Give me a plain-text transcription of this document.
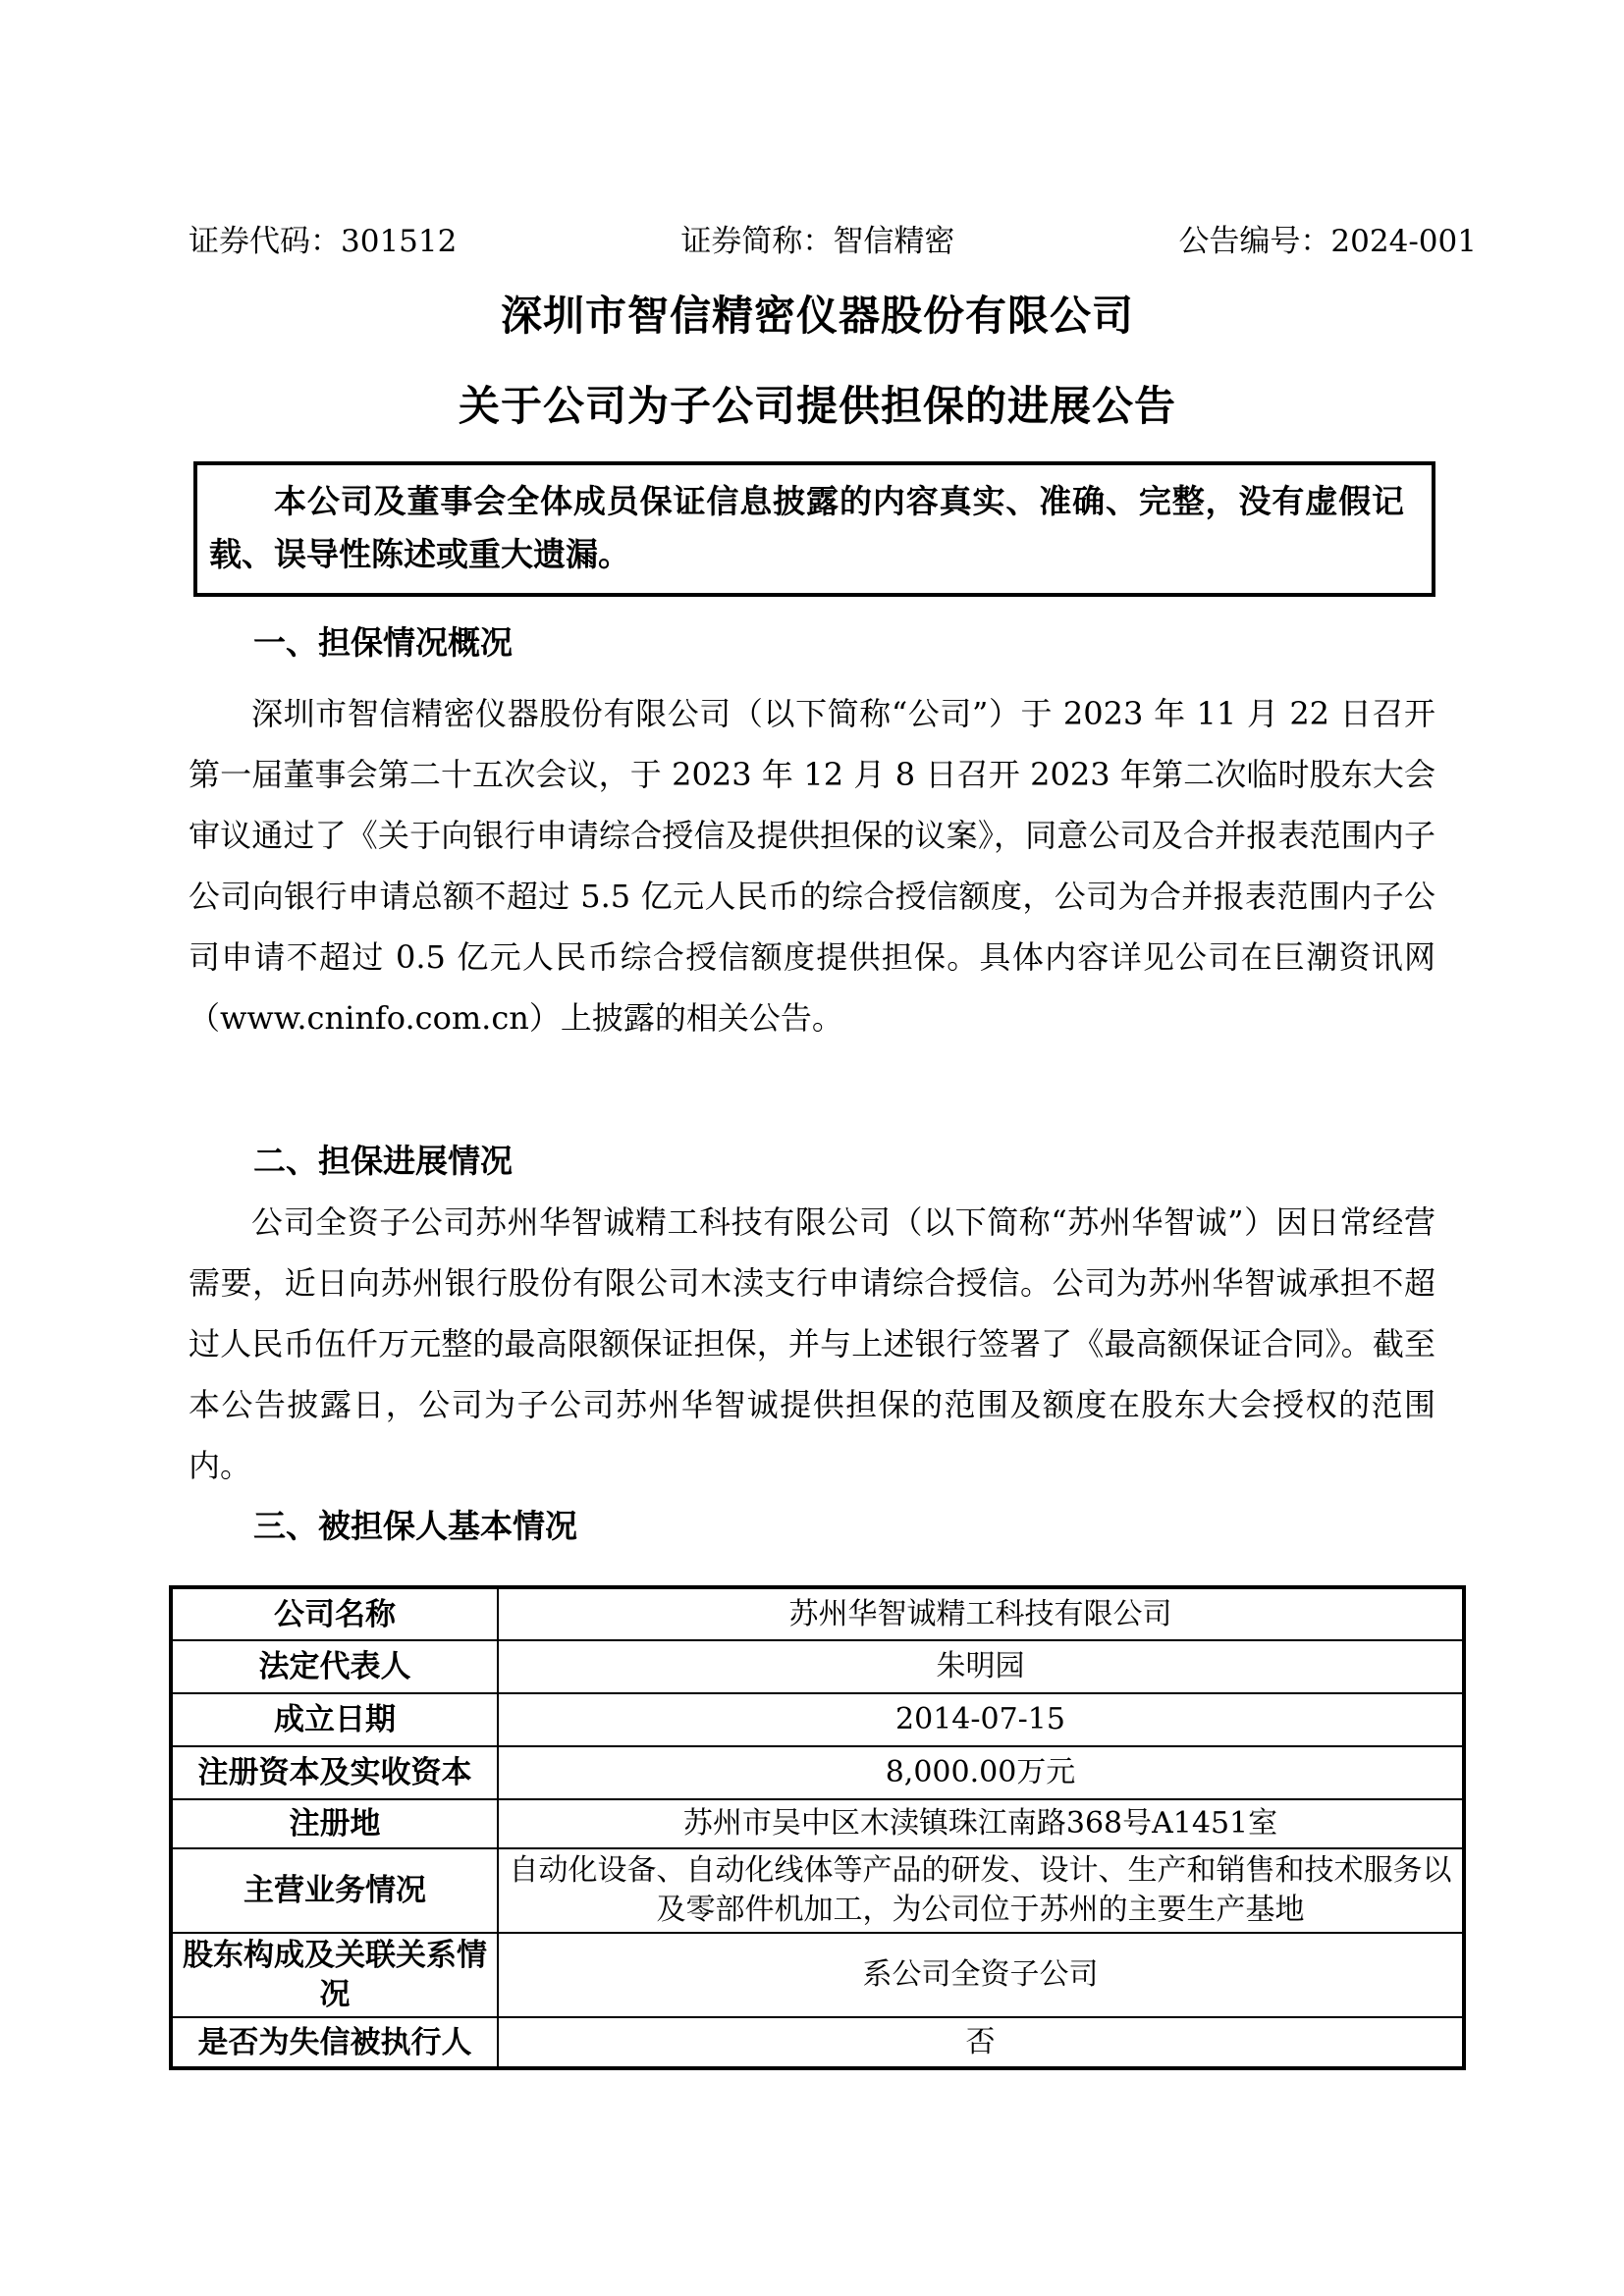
证券代码：301512	证券简称：智信精密	公告编号：2024-001
深圳市智信精密仪器股份有限公司
关于公司为子公司提供担保的进展公告

本公司及董事会全体成员保证信息披露的内容真实、准确、完整，没有虚假记载、误导性陈述或重大遗漏。

一、担保情况概况

深圳市智信精密仪器股份有限公司（以下简称“公司”）于 2023 年 11 月 22 日召开第一届董事会第二十五次会议，于 2023 年 12 月 8 日召开 2023 年第二次临时股东大会审议通过了《关于向银行申请综合授信及提供担保的议案》，同意公司及合并报表范围内子公司向银行申请总额不超过 5.5 亿元人民币的综合授信额度，公司为合并报表范围内子公司申请不超过 0.5 亿元人民币综合授信额度提供担保。具体内容详见公司在巨潮资讯网（www.cninfo.com.cn）上披露的相关公告。

二、担保进展情况

公司全资子公司苏州华智诚精工科技有限公司（以下简称“苏州华智诚”）因日常经营需要，近日向苏州银行股份有限公司木渎支行申请综合授信。公司为苏州华智诚承担不超过人民币伍仟万元整的最高限额保证担保，并与上述银行签署了《最高额保证合同》。截至本公告披露日，公司为子公司苏州华智诚提供担保的范围及额度在股东大会授权的范围内。

三、被担保人基本情况

公司名称	苏州华智诚精工科技有限公司
法定代表人	朱明园
成立日期	2014-07-15
注册资本及实收资本	8,000.00万元
注册地	苏州市吴中区木渎镇珠江南路368号A1451室
主营业务情况	自动化设备、自动化线体等产品的研发、设计、生产和销售和技术服务以及零部件机加工，为公司位于苏州的主要生产基地
股东构成及关联关系情况	系公司全资子公司
是否为失信被执行人	否
